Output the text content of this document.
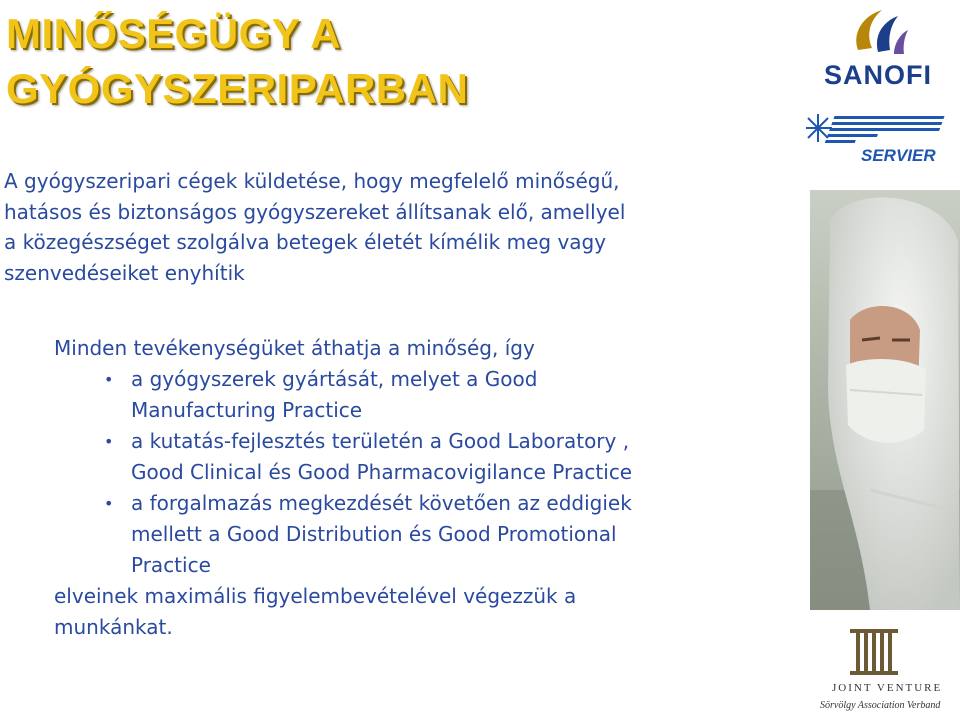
MINŐSÉGÜGY A
GYÓGYSZERIPARBAN
A gyógyszeripari cégek küldetése, hogy megfelelő minőségű,
hatásos és biztonságos gyógyszereket állítsanak elő, amellyel
a közegészséget szolgálva betegek életét kímélik meg vagy
szenvedéseiket enyhítik
Minden tevékenységüket áthatja a minőség, így
• a gyógyszerek gyártását, melyet a Good
Manufacturing Practice
• a kutatás-fejlesztés területén a Good Laboratory ,
Good Clinical és Good Pharmacovigilance Practice
• a forgalmazás megkezdését követően az eddigiek
mellett a Good Distribution és Good Promotional
Practice
elveinek maximális figyelembevételével végezzük a
munkánkat.
SANOFI
SERVIER
JOINT VENTURE
Sörvölgy Association Verband
